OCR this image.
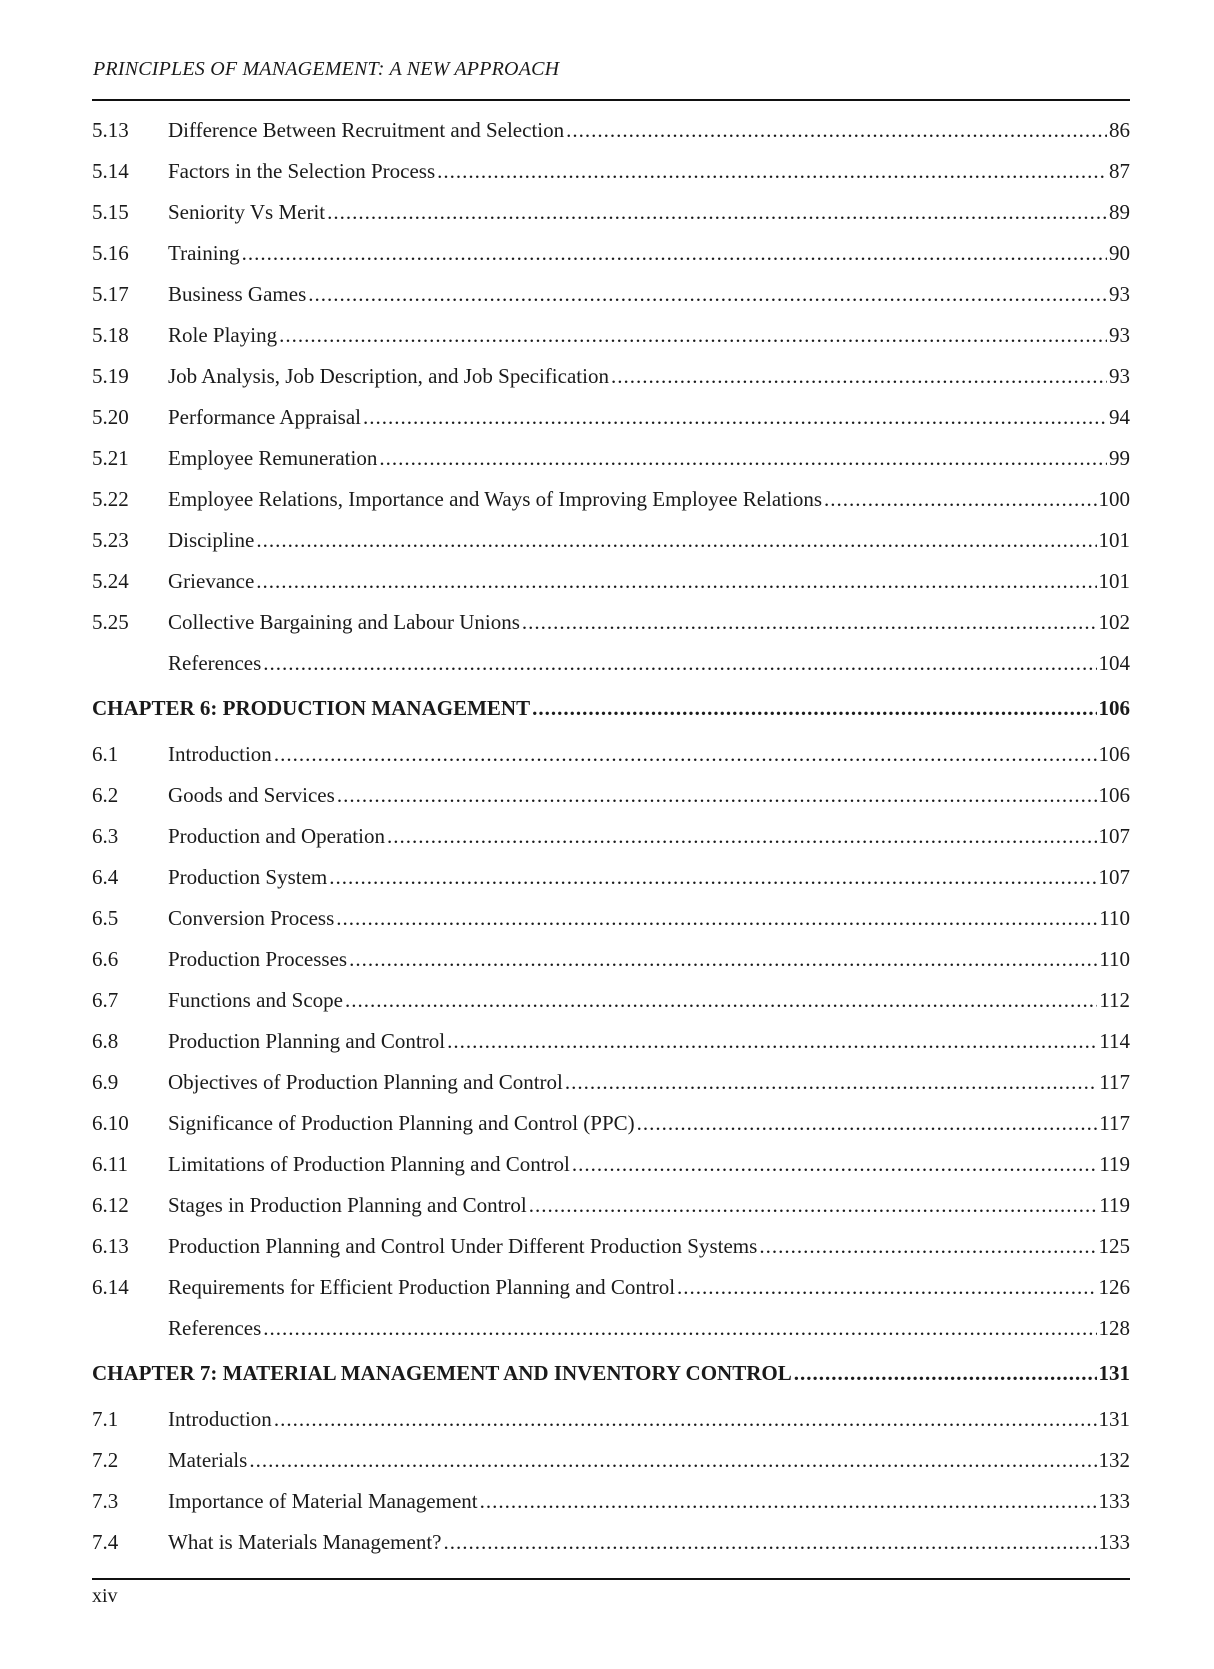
PRINCIPLES OF MANAGEMENT: A NEW APPROACH
5.13	Difference Between Recruitment and Selection .....	86
5.14	Factors in the Selection Process .....	87
5.15	Seniority Vs Merit .....	89
5.16	Training .....	90
5.17	Business Games .....	93
5.18	Role Playing .....	93
5.19	Job Analysis, Job Description, and Job Specification .....	93
5.20	Performance Appraisal .....	94
5.21	Employee Remuneration .....	99
5.22	Employee Relations, Importance and Ways of Improving Employee Relations .....	100
5.23	Discipline .....	101
5.24	Grievance .....	101
5.25	Collective Bargaining and Labour Unions .....	102
References .....	104
CHAPTER 6: PRODUCTION MANAGEMENT .....	106
6.1	Introduction .....	106
6.2	Goods and Services .....	106
6.3	Production and Operation .....	107
6.4	Production System .....	107
6.5	Conversion Process .....	110
6.6	Production Processes .....	110
6.7	Functions and Scope .....	112
6.8	Production Planning and Control .....	114
6.9	Objectives of Production Planning and Control .....	117
6.10	Significance of Production Planning and Control (PPC) .....	117
6.11	Limitations of Production Planning and Control .....	119
6.12	Stages in Production Planning and Control .....	119
6.13	Production Planning and Control Under Different Production Systems .....	125
6.14	Requirements for Efficient Production Planning and Control .....	126
References .....	128
CHAPTER 7: MATERIAL MANAGEMENT AND INVENTORY CONTROL .....	131
7.1	Introduction .....	131
7.2	Materials .....	132
7.3	Importance of Material Management .....	133
7.4	What is Materials Management? .....	133
xiv
